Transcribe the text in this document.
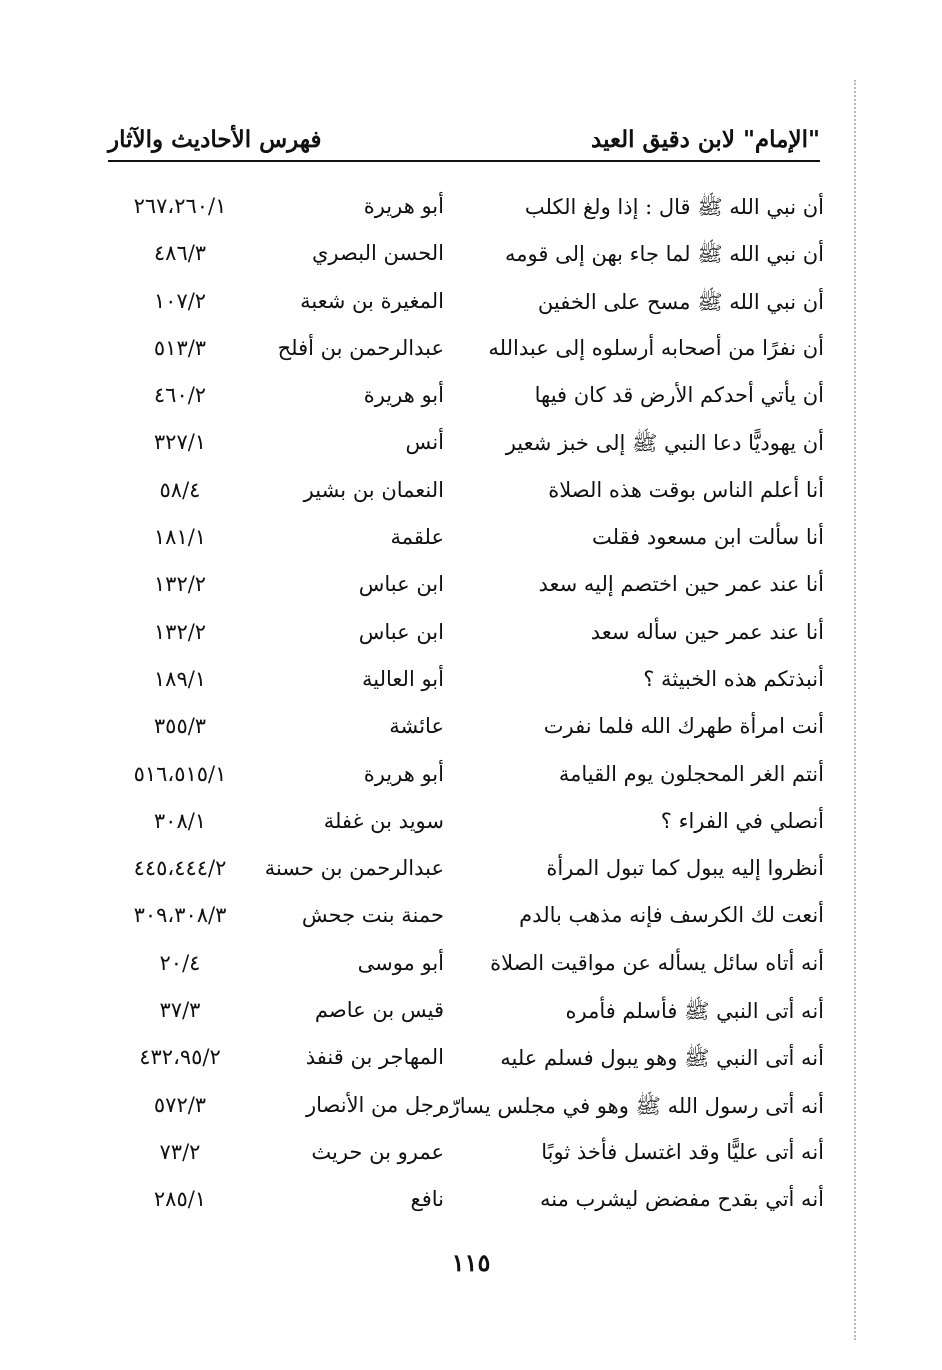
"الإمام" لابن دقيق العيد
فهرس الأحاديث والآثار
أن نبي الله ﷺ قال : إذا ولغ الكلب
أبو هريرة
٢٦٧،٢٦٠/١
أن نبي الله ﷺ لما جاء بهن إلى قومه
الحسن البصري
٤٨٦/٣
أن نبي الله ﷺ مسح على الخفين
المغيرة بن شعبة
١٠٧/٢
أن نفرًا من أصحابه أرسلوه إلى عبدالله
عبدالرحمن بن أفلح
٥١٣/٣
أن يأتي أحدكم الأرض قد كان فيها
أبو هريرة
٤٦٠/٢
أن يهوديًّا دعا النبي ﷺ إلى خبز شعير
أنس
٣٢٧/١
أنا أعلم الناس بوقت هذه الصلاة
النعمان بن بشير
٥٨/٤
أنا سألت ابن مسعود فقلت
علقمة
١٨١/١
أنا عند عمر حين اختصم إليه سعد
ابن عباس
١٣٢/٢
أنا عند عمر حين سأله سعد
ابن عباس
١٣٢/٢
أنبذتكم هذه الخبيثة ؟
أبو العالية
١٨٩/١
أنت امرأة طهرك الله فلما نفرت
عائشة
٣٥٥/٣
أنتم الغر المحجلون يوم القيامة
أبو هريرة
٥١٦،٥١٥/١
أنصلي في الفراء ؟
سويد بن غفلة
٣٠٨/١
أنظروا إليه يبول كما تبول المرأة
عبدالرحمن بن حسنة
٤٤٥،٤٤٤/٢
أنعت لك الكرسف فإنه مذهب بالدم
حمنة بنت جحش
٣٠٩،٣٠٨/٣
أنه أتاه سائل يسأله عن مواقيت الصلاة
أبو موسى
٢٠/٤
أنه أتى النبي ﷺ فأسلم فأمره
قيس بن عاصم
٣٧/٣
أنه أتى النبي ﷺ وهو يبول فسلم عليه
المهاجر بن قنفذ
٤٣٢،٩٥/٢
أنه أتى رسول الله ﷺ وهو في مجلس يسارّه
رجل من الأنصار
٥٧٢/٣
أنه أتى عليًّا وقد اغتسل فأخذ ثوبًا
عمرو بن حريث
٧٣/٢
أنه أتي بقدح مفضض ليشرب منه
نافع
٢٨٥/١
١١٥
